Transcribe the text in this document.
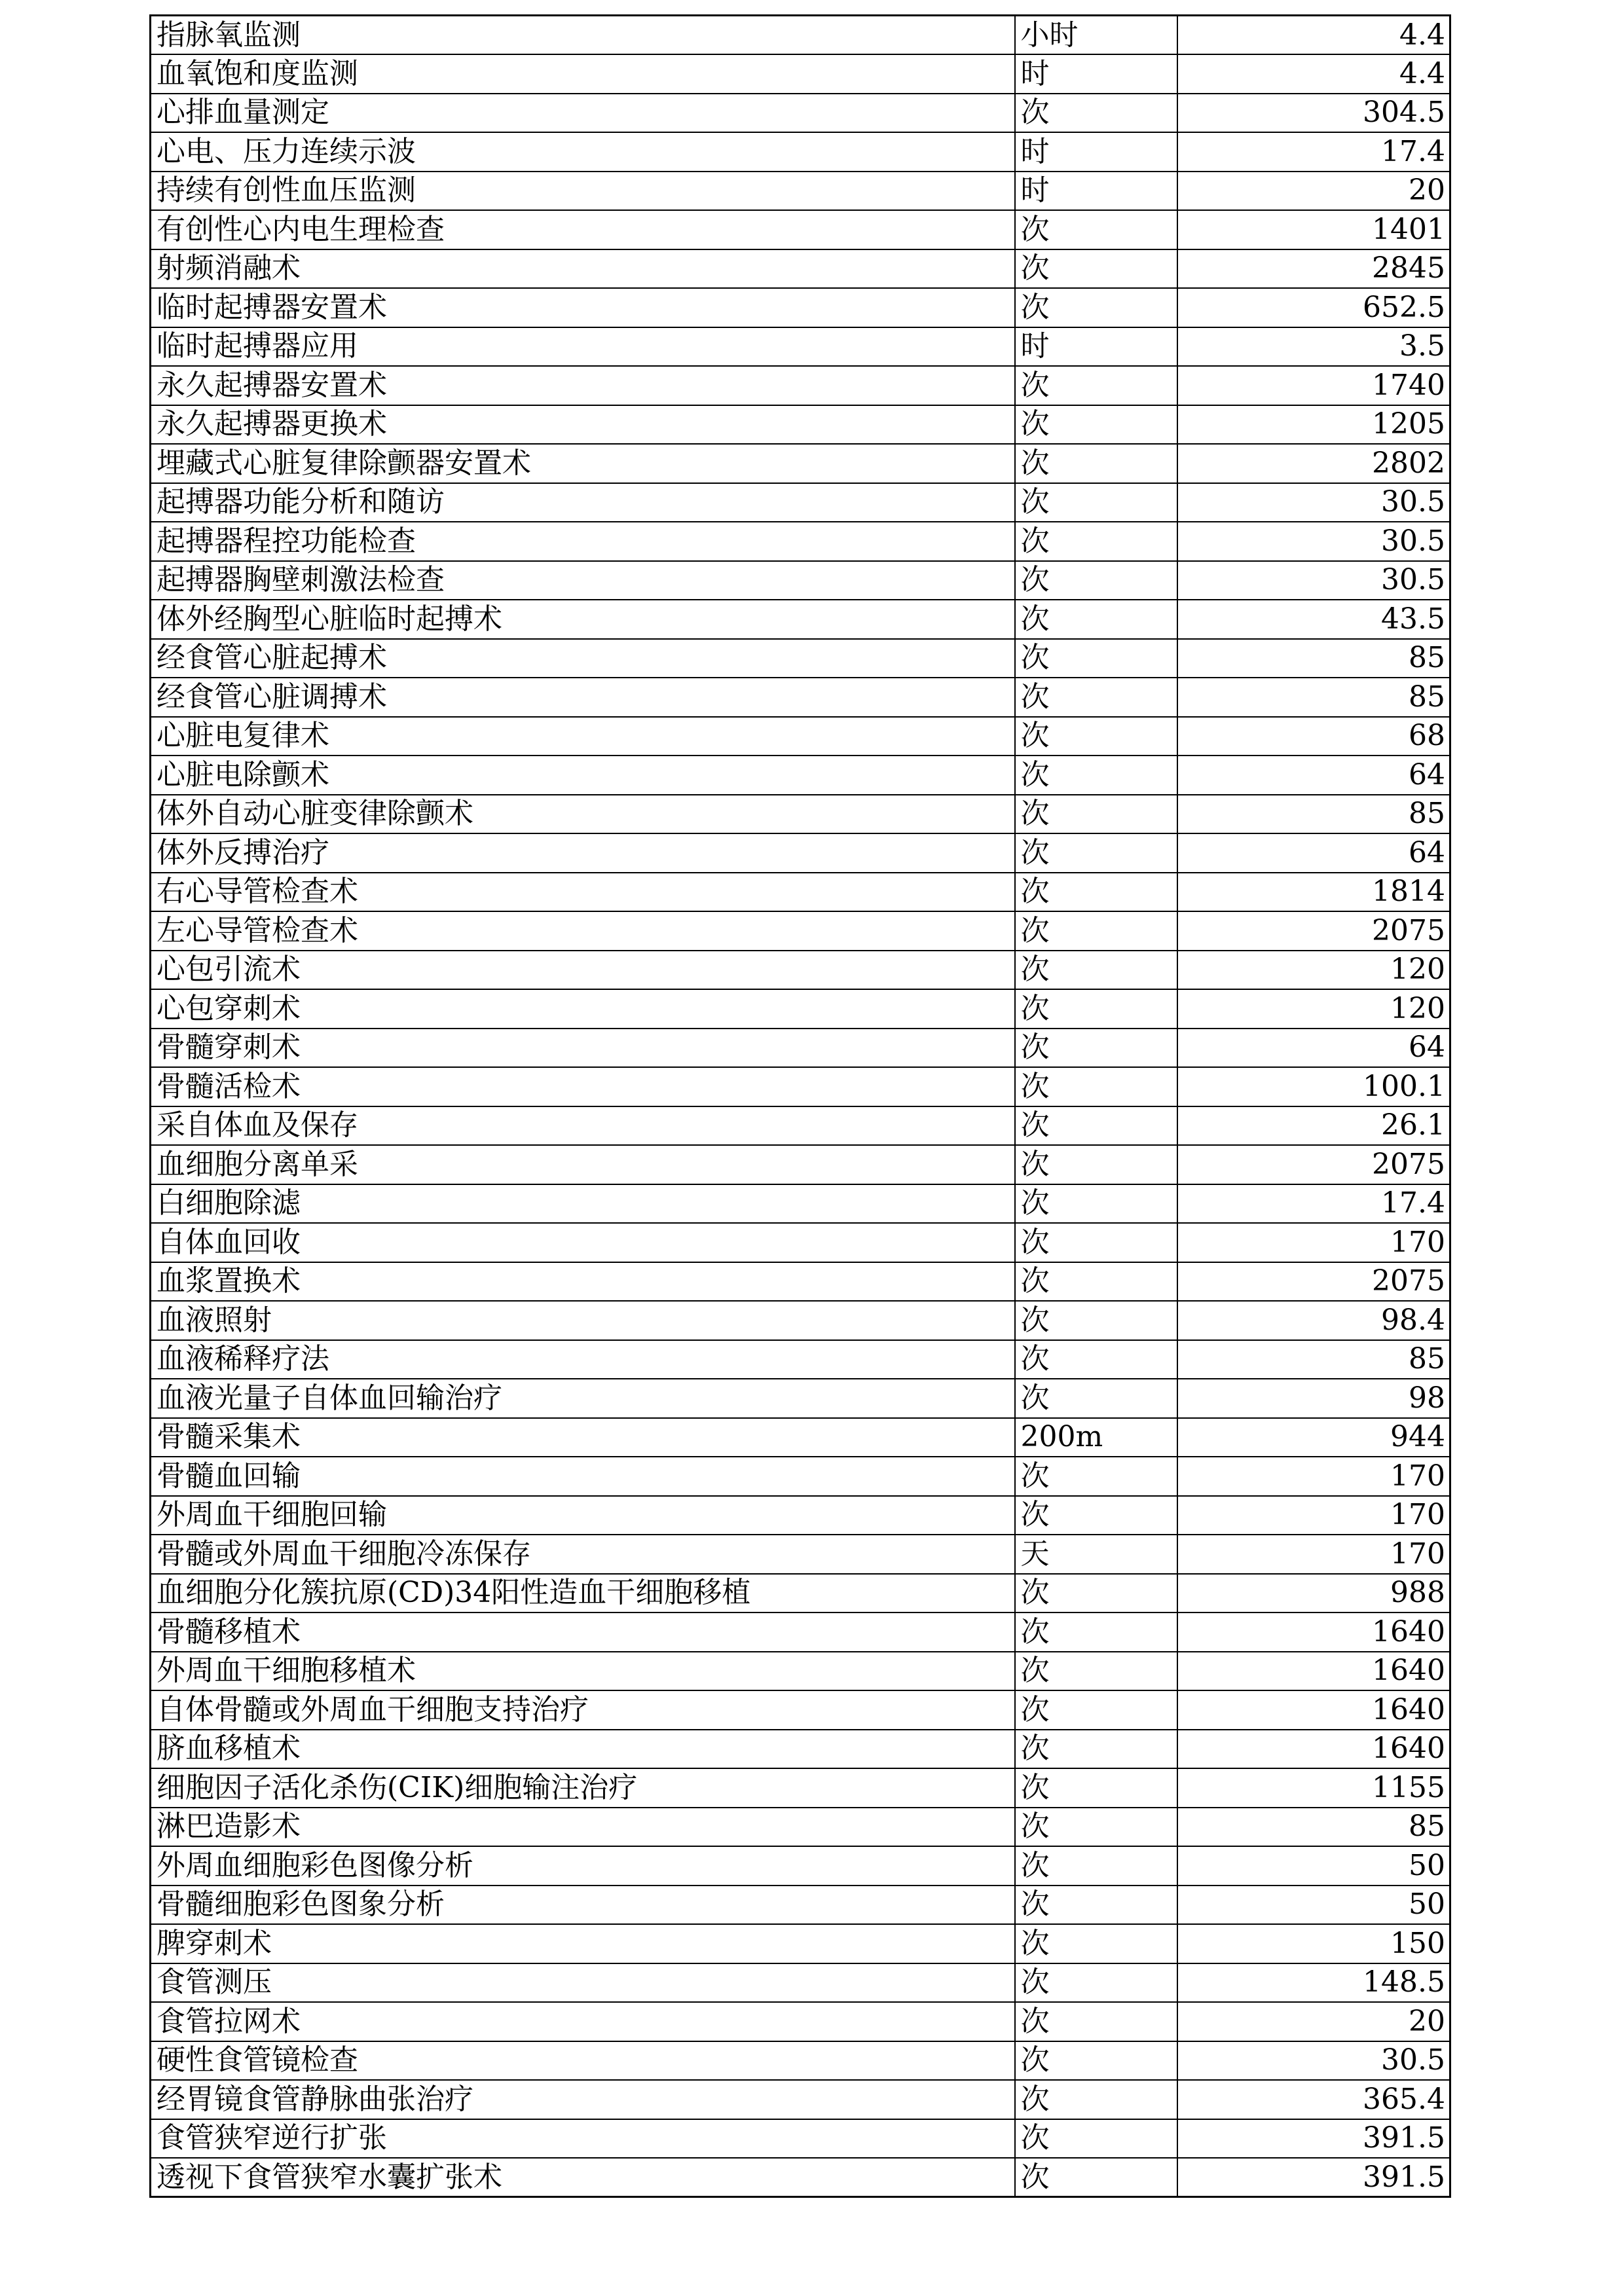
指脉氧监测	小时	4.4
血氧饱和度监测	时	4.4
心排血量测定	次	304.5
心电、压力连续示波	时	17.4
持续有创性血压监测	时	20
有创性心内电生理检查	次	1401
射频消融术	次	2845
临时起搏器安置术	次	652.5
临时起搏器应用	时	3.5
永久起搏器安置术	次	1740
永久起搏器更换术	次	1205
埋藏式心脏复律除颤器安置术	次	2802
起搏器功能分析和随访	次	30.5
起搏器程控功能检查	次	30.5
起搏器胸壁刺激法检查	次	30.5
体外经胸型心脏临时起搏术	次	43.5
经食管心脏起搏术	次	85
经食管心脏调搏术	次	85
心脏电复律术	次	68
心脏电除颤术	次	64
体外自动心脏变律除颤术	次	85
体外反搏治疗	次	64
右心导管检查术	次	1814
左心导管检查术	次	2075
心包引流术	次	120
心包穿刺术	次	120
骨髓穿刺术	次	64
骨髓活检术	次	100.1
采自体血及保存	次	26.1
血细胞分离单采	次	2075
白细胞除滤	次	17.4
自体血回收	次	170
血浆置换术	次	2075
血液照射	次	98.4
血液稀释疗法	次	85
血液光量子自体血回输治疗	次	98
骨髓采集术	200m	944
骨髓血回输	次	170
外周血干细胞回输	次	170
骨髓或外周血干细胞冷冻保存	天	170
血细胞分化簇抗原(CD)34阳性造血干细胞移植	次	988
骨髓移植术	次	1640
外周血干细胞移植术	次	1640
自体骨髓或外周血干细胞支持治疗	次	1640
脐血移植术	次	1640
细胞因子活化杀伤(CIK)细胞输注治疗	次	1155
淋巴造影术	次	85
外周血细胞彩色图像分析	次	50
骨髓细胞彩色图象分析	次	50
脾穿刺术	次	150
食管测压	次	148.5
食管拉网术	次	20
硬性食管镜检查	次	30.5
经胃镜食管静脉曲张治疗	次	365.4
食管狭窄逆行扩张	次	391.5
透视下食管狭窄水囊扩张术	次	391.5
